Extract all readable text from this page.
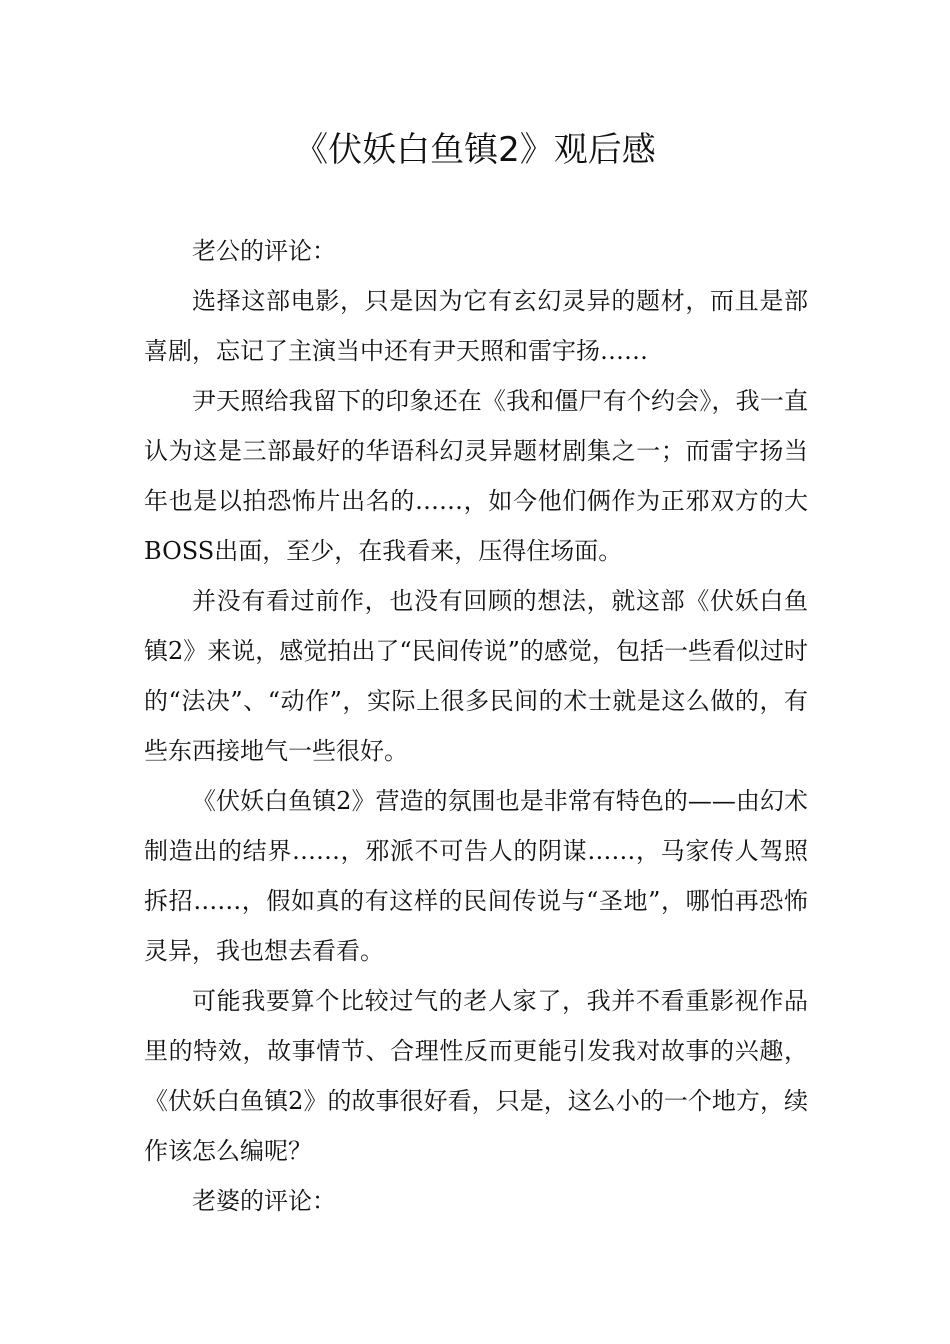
《伏妖白鱼镇2》观后感

老公的评论：

选择这部电影，只是因为它有玄幻灵异的题材，而且是部喜剧，忘记了主演当中还有尹天照和雷宇扬……

尹天照给我留下的印象还在《我和僵尸有个约会》，我一直认为这是三部最好的华语科幻灵异题材剧集之一；而雷宇扬当年也是以拍恐怖片出名的……，如今他们俩作为正邪双方的大BOSS出面，至少，在我看来，压得住场面。

并没有看过前作，也没有回顾的想法，就这部《伏妖白鱼镇2》来说，感觉拍出了“民间传说”的感觉，包括一些看似过时的“法决”、“动作”，实际上很多民间的术士就是这么做的，有些东西接地气一些很好。

《伏妖白鱼镇2》营造的氛围也是非常有特色的——由幻术制造出的结界……，邪派不可告人的阴谋……，马家传人驾照拆招……，假如真的有这样的民间传说与“圣地”，哪怕再恐怖灵异，我也想去看看。

可能我要算个比较过气的老人家了，我并不看重影视作品里的特效，故事情节、合理性反而更能引发我对故事的兴趣，《伏妖白鱼镇2》的故事很好看，只是，这么小的一个地方，续作该怎么编呢？

老婆的评论：
